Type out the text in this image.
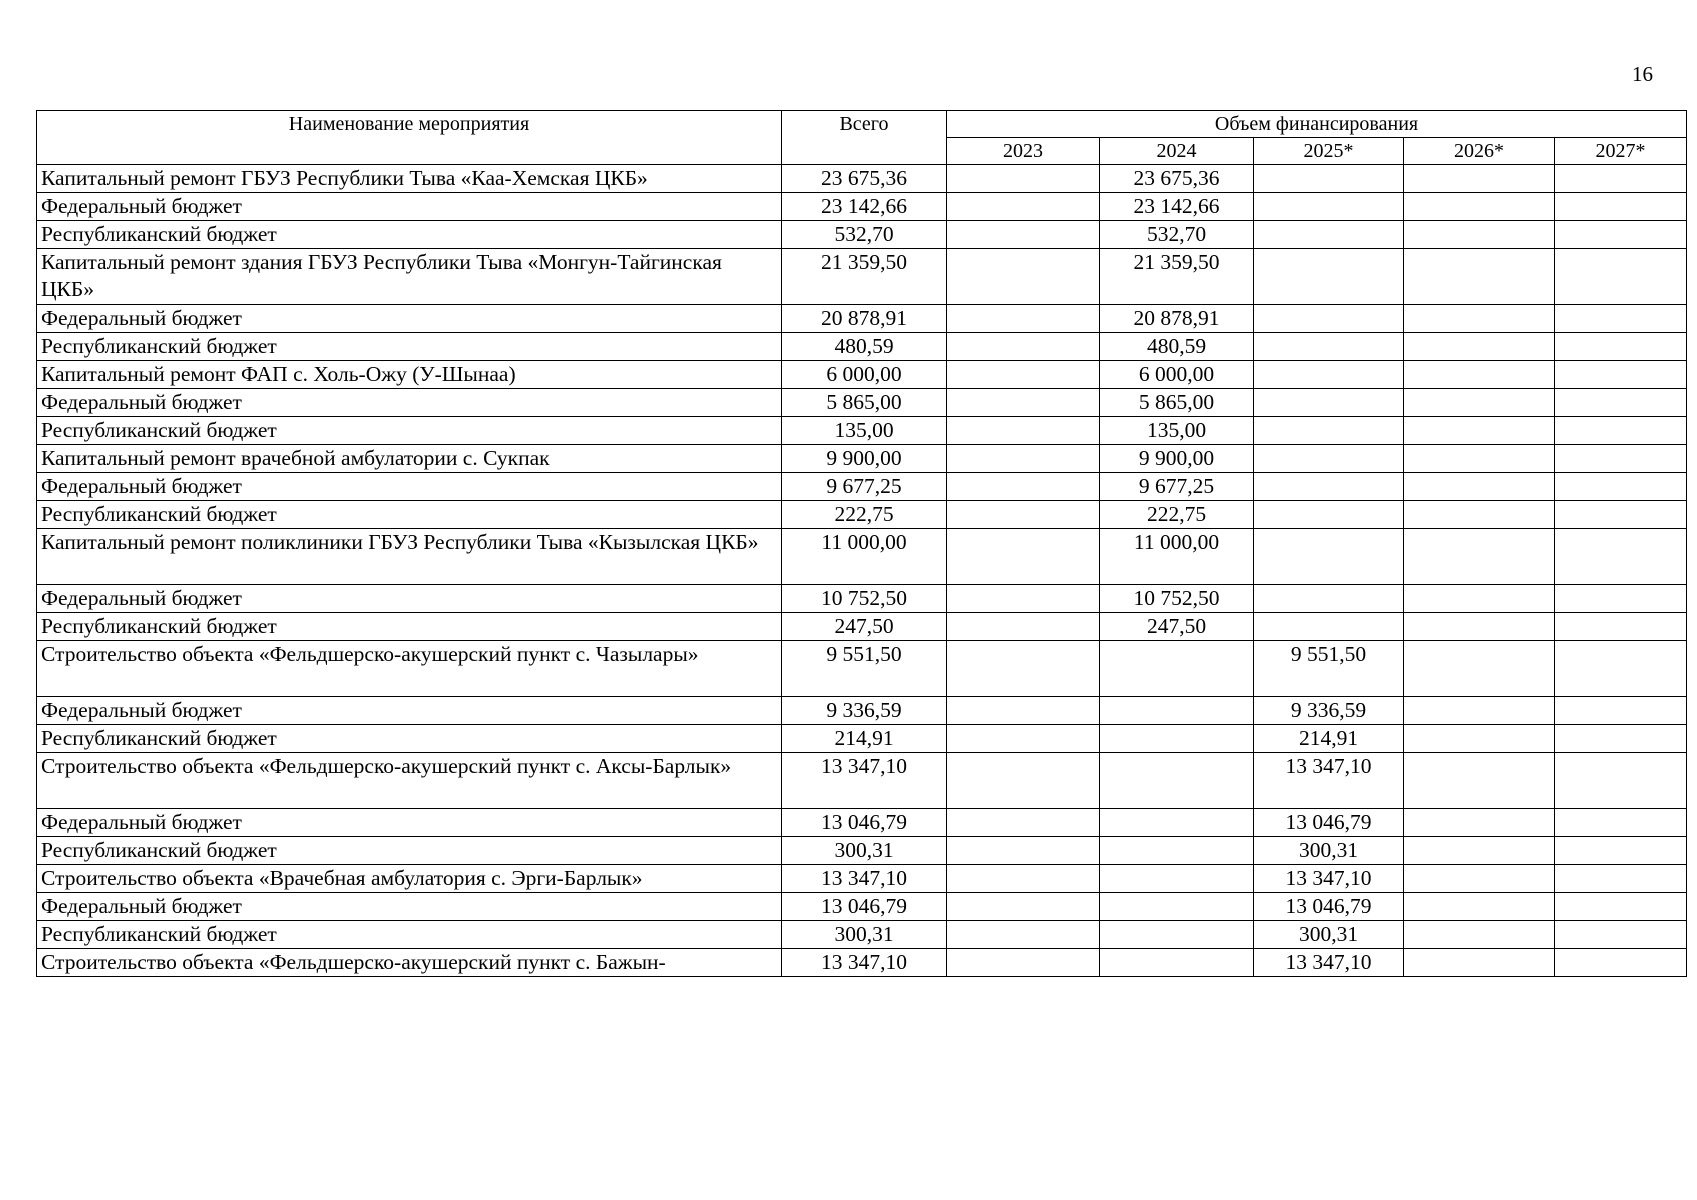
16
Наименование мероприятия	Всего	Объем финансирования				
		2023	2024	2025*	2026*	2027*
Капитальный ремонт ГБУЗ Республики Тыва «Каа-Хемская ЦКБ»	23 675,36		23 675,36			
Федеральный бюджет	23 142,66		23 142,66			
Республиканский бюджет	532,70		532,70			
Капитальный ремонт здания ГБУЗ Республики Тыва «Монгун-Тайгинская ЦКБ»	21 359,50		21 359,50			
Федеральный бюджет	20 878,91		20 878,91			
Республиканский бюджет	480,59		480,59			
Капитальный ремонт ФАП с. Холь-Ожу (У-Шынаа)	6 000,00		6 000,00			
Федеральный бюджет	5 865,00		5 865,00			
Республиканский бюджет	135,00		135,00			
Капитальный ремонт врачебной амбулатории с. Сукпак	9 900,00		9 900,00			
Федеральный бюджет	9 677,25		9 677,25			
Республиканский бюджет	222,75		222,75			
Капитальный ремонт поликлиники ГБУЗ Республики Тыва «Кызылская ЦКБ»	11 000,00		11 000,00			
Федеральный бюджет	10 752,50		10 752,50			
Республиканский бюджет	247,50		247,50			
Строительство объекта «Фельдшерско-акушерский пункт с. Чазылары»	9 551,50			9 551,50		
Федеральный бюджет	9 336,59			9 336,59		
Республиканский бюджет	214,91			214,91		
Строительство объекта «Фельдшерско-акушерский пункт с. Аксы-Барлык»	13 347,10			13 347,10		
Федеральный бюджет	13 046,79			13 046,79		
Республиканский бюджет	300,31			300,31		
Строительство объекта «Врачебная амбулатория с. Эрги-Барлык»	13 347,10			13 347,10		
Федеральный бюджет	13 046,79			13 046,79		
Республиканский бюджет	300,31			300,31		
Строительство объекта «Фельдшерско-акушерский пункт с. Бажын-	13 347,10			13 347,10		
